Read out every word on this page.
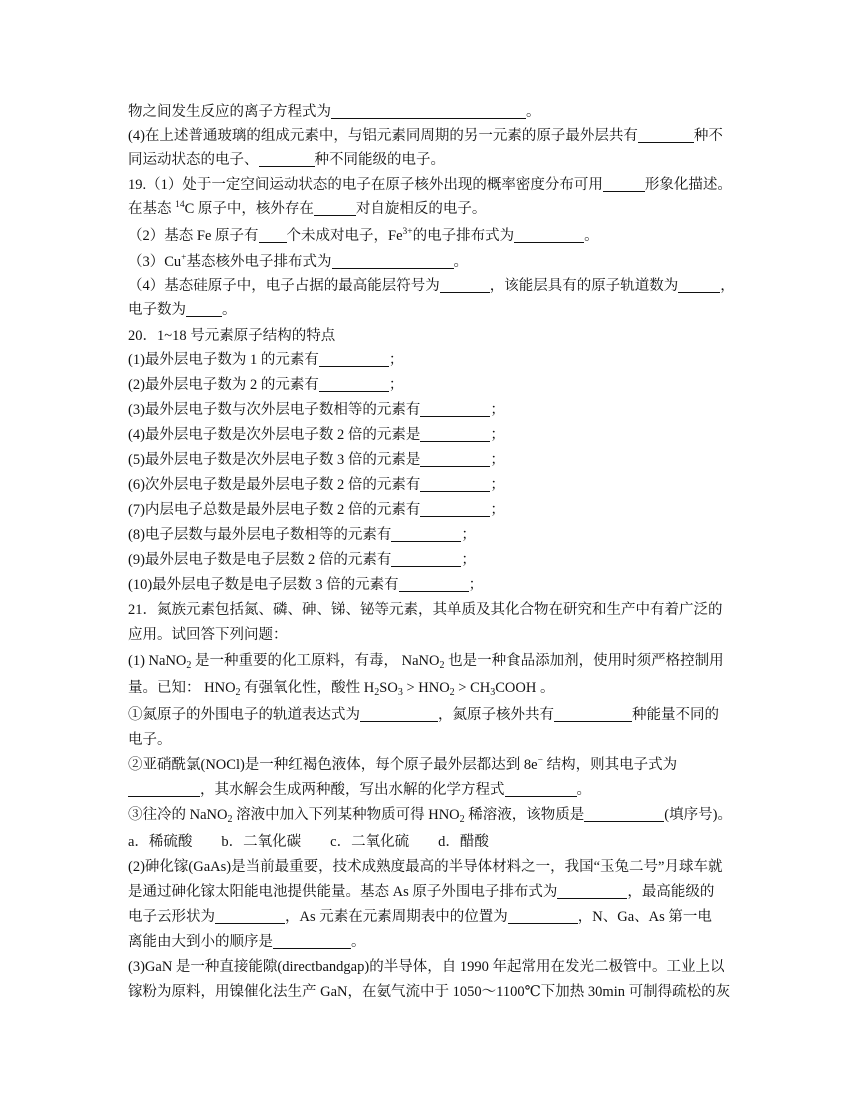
物之间发生反应的离子方程式为	。
(4)在上述普通玻璃的组成元素中，与铝元素同周期的另一元素的原子最外层共有	种不
同运动状态的电子、	种不同能级的电子。
19.（1）处于一定空间运动状态的电子在原子核外出现的概率密度分布可用	形象化描述。
在基态 $^{14}$C 原子中，核外存在	对自旋相反的电子。
（2）基态 Fe 原子有 个未成对电子，$Fe^{3+}$的电子排布式为	。
（3）Cu+基态核外电子排布式为	。
（4）基态硅原子中，电子占据的最高能层符号为	，该能层具有的原子轨道数为	，
电子数为 。
20．1~18 号元素原子结构的特点
(1)最外层电子数为 1 的元素有	；
(2)最外层电子数为 2 的元素有	；
(3)最外层电子数与次外层电子数相等的元素有	；
(4)最外层电子数是次外层电子数 2 倍的元素是	；
(5)最外层电子数是次外层电子数 3 倍的元素是	；
(6)次外层电子数是最外层电子数 2 倍的元素有	；
(7)内层电子总数是最外层电子数 2 倍的元素有	；
(8)电子层数与最外层电子数相等的元素有	；
(9)最外层电子数是电子层数 2 倍的元素有	；
(10)最外层电子数是电子层数 3 倍的元素有	；
21．氮族元素包括氮、磷、砷、锑、铋等元素，其单质及其化合物在研究和生产中有着广泛的
应用。试回答下列问题：
(1) NaNO$_2$ 是一种重要的化工原料，有毒， NaNO$_2$ 也是一种食品添加剂，使用时须严格控制用
量。已知： $HNO_2$ 有强氧化性，酸性 $H_2SO_3 > HNO_2$ > $CH_3COOH$ 。
①氮原子的外围电子的轨道表达式为	，氮原子核外共有	种能量不同的
电子。
②亚硝酰氯(NOCl)是一种红褐色液体，每个原子最外层都达到 8e− 结构，则其电子式为
，其水解会生成两种酸，写出水解的化学方程式	。
③往冷的 NaNO$_2$ 溶液中加入下列某种物质可得 $HNO_2$ 稀溶液，该物质是	(填序号)。
a．稀硫酸　　b．二氧化碳　　c．二氧化硫　　d．醋酸
(2)砷化镓(GaAs)是当前最重要，技术成熟度最高的半导体材料之一，我国“玉兔二号”月球车就
是通过砷化镓太阳能电池提供能量。基态 As 原子外围电子排布式为	，最高能级的
电子云形状为	，As 元素在元素周期表中的位置为	，N、Ga、As 第一电
离能由大到小的顺序是	。
(3)GaN 是一种直接能隙(directbandgap)的半导体，自 1990 年起常用在发光二极管中。工业上以
镓粉为原料，用镍催化法生产 GaN，在氨气流中于 1050～1100℃下加热 30min 可制得疏松的灰
